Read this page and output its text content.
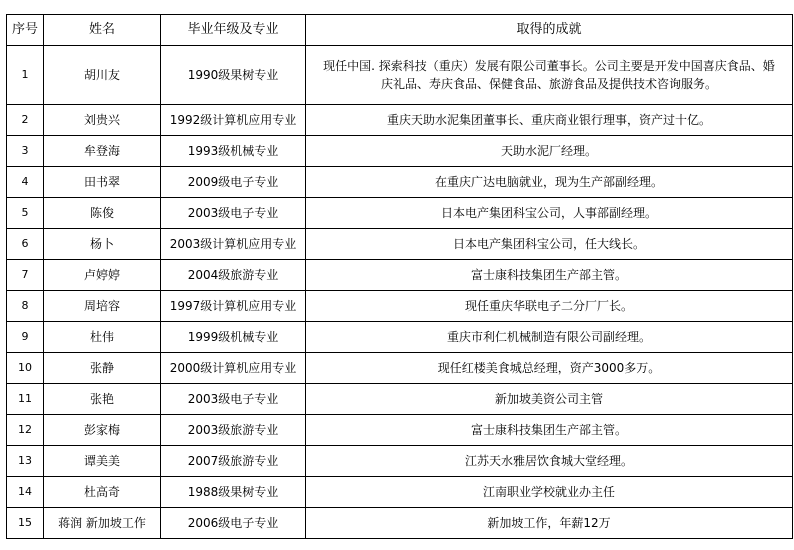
序号	姓名	毕业年级及专业	取得的成就
1	胡川友	1990级果树专业	现任中国. 探索科技（重庆）发展有限公司董事长。公司主要是开发中国喜庆食品、婚庆礼品、寿庆食品、保健食品、旅游食品及提供技术咨询服务。
2	刘贵兴	1992级计算机应用专业	重庆天助水泥集团董事长、重庆商业银行理事，资产过十亿。
3	牟登海	1993级机械专业	天助水泥厂经理。
4	田书翠	2009级电子专业	在重庆广达电脑就业，现为生产部副经理。
5	陈俊	2003级电子专业	日本电产集团科宝公司，人事部副经理。
6	杨卜	2003级计算机应用专业	日本电产集团科宝公司，任大线长。
7	卢婷婷	2004级旅游专业	富士康科技集团生产部主管。
8	周培容	1997级计算机应用专业	现任重庆华联电子二分厂厂长。
9	杜伟	1999级机械专业	重庆市利仁机械制造有限公司副经理。
10	张静	2000级计算机应用专业	现任红楼美食城总经理，资产3000多万。
11	张艳	2003级电子专业	新加坡美资公司主管
12	彭家梅	2003级旅游专业	富士康科技集团生产部主管。
13	谭美美	2007级旅游专业	江苏天水雅居饮食城大堂经理。
14	杜高奇	1988级果树专业	江南职业学校就业办主任
15	蒋润 新加坡工作	2006级电子专业	新加坡工作，年薪12万
